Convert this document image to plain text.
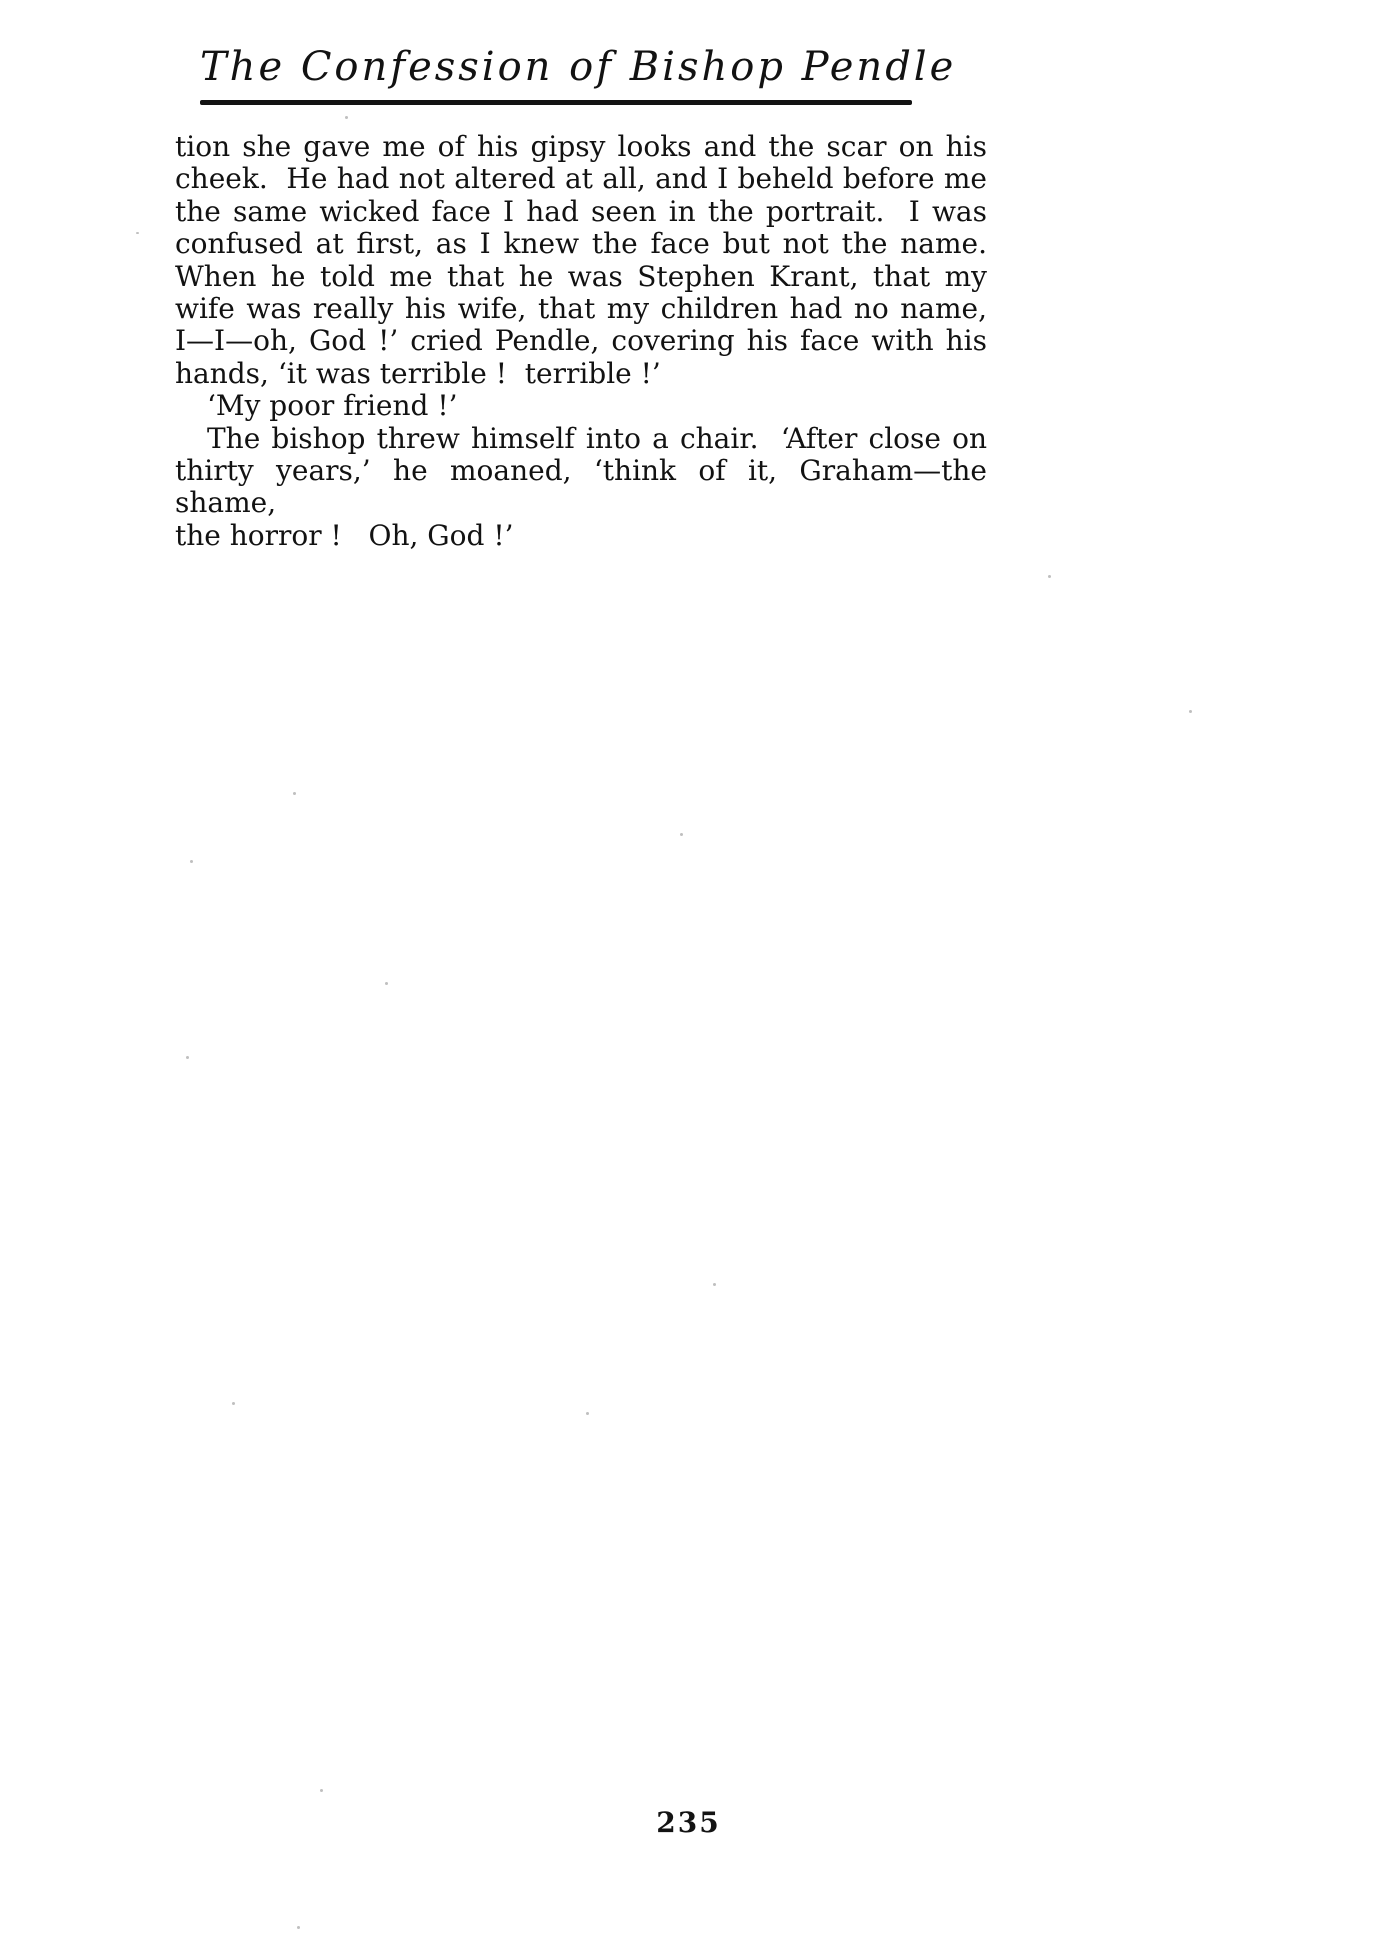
The Confession of Bishop Pendle

tion she gave me of his gipsy looks and the scar on his

cheek.  He had not altered at all, and I beheld before me

the same wicked face I had seen in the portrait.  I was

confused at first, as I knew the face but not the name.

When he told me that he was Stephen Krant, that my

wife was really his wife, that my children had no name,

I—I—oh, God !’ cried Pendle, covering his face with his

hands, ‘it was terrible !  terrible !’

‘My poor friend !’

The bishop threw himself into a chair.  ‘After close on

thirty years,’ he moaned, ‘think of it, Graham—the shame,

the horror !   Oh, God !’

235
